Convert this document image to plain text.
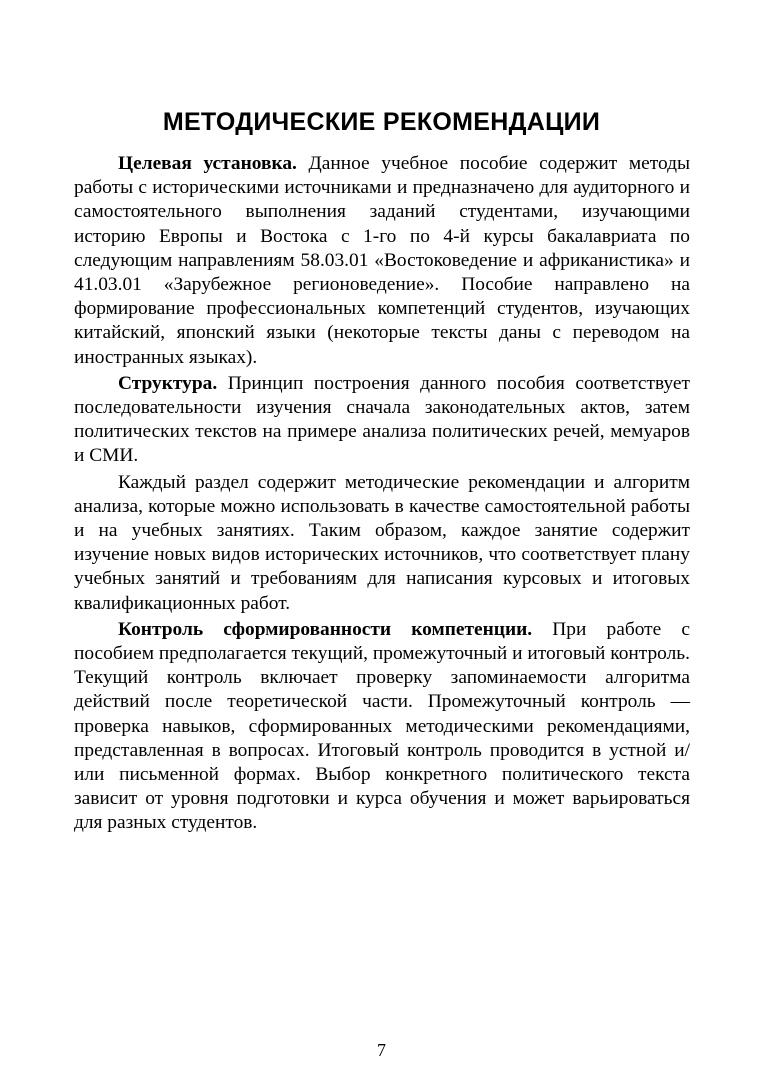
МЕТОДИЧЕСКИЕ РЕКОМЕНДАЦИИ

Целевая установка. Данное учебное пособие содержит методы работы с историческими источниками и предназначено для аудиторного и самостоятельного выполнения заданий студентами, изучающими историю Европы и Востока с 1-го по 4-й курсы бакалавриата по следующим направлениям 58.03.01 «Востоковедение и африканистика» и 41.03.01 «Зарубежное регионоведение». Пособие направлено на формирование профессиональных компетенций студентов, изучающих китайский, японский языки (некоторые тексты даны с переводом на иностранных языках).

Структура. Принцип построения данного пособия соответствует последовательности изучения сначала законодательных актов, затем политических текстов на примере анализа политических речей, мемуаров и СМИ.

Каждый раздел содержит методические рекомендации и алгоритм анализа, которые можно использовать в качестве самостоятельной работы и на учебных занятиях. Таким образом, каждое занятие содержит изучение новых видов исторических источников, что соответствует плану учебных занятий и требованиям для написания курсовых и итоговых квалификационных работ.

Контроль сформированности компетенции. При работе с пособием предполагается текущий, промежуточный и итоговый контроль. Текущий контроль включает проверку запоминаемости алгоритма действий после теоретической части. Промежуточный контроль — проверка навыков, сформированных методическими рекомендациями, представленная в вопросах. Итоговый контроль проводится в устной и/или письменной формах. Выбор конкретного политического текста зависит от уровня подготовки и курса обучения и может варьироваться для разных студентов.

7
